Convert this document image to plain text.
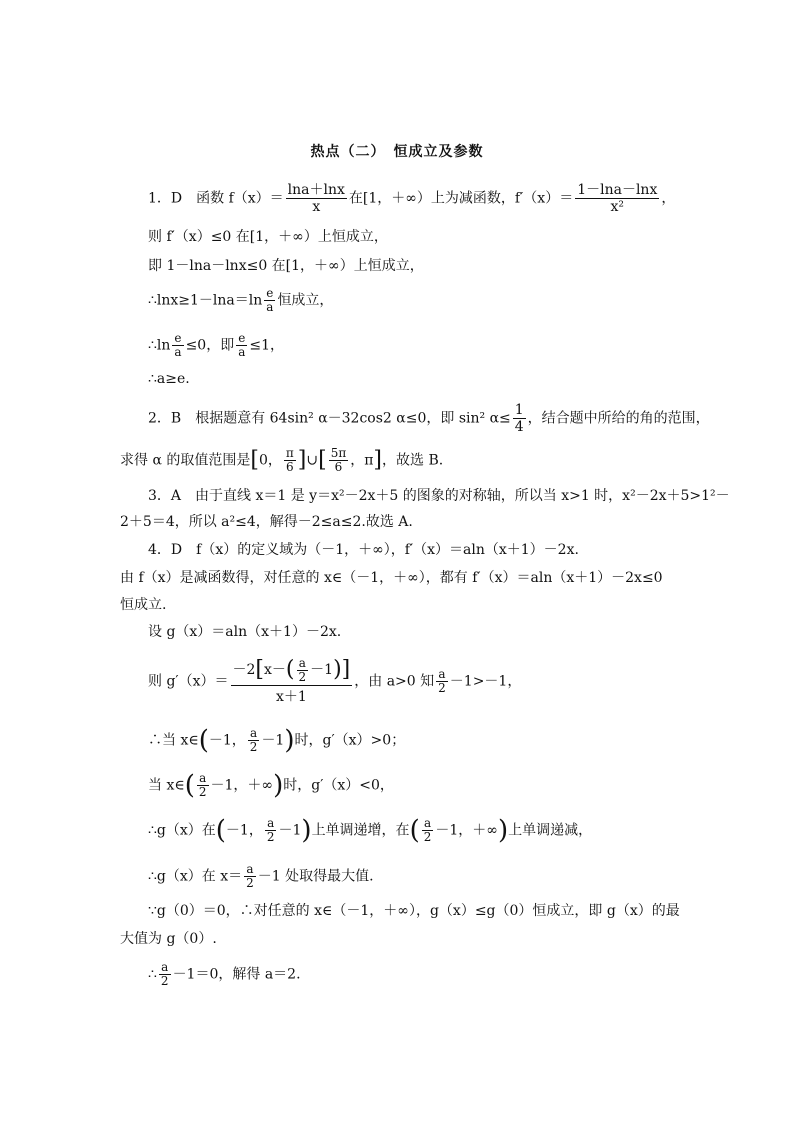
热点（二）　恒成立及参数
1．D　函数 $f(x)= \frac{\ln a+\ln x}{x}$ 在[1，＋∞）上为减函数，$f'(x)= \frac{1-\ln a-\ln x}{\text{x²}}$ ，
则 f′（x）≤0 在[1，＋∞）上恒成立，
即 1－lna－lnx≤0 在[1，＋∞）上恒成立，
∴lnx≥1－lna＝ln $\frac{e}{a}$ 恒成立，
∴ln $\frac{e}{a} \le 0$，即 $\frac{e}{a} \le 1$，
∴a≥e.
2．B　根据题意有 64sin² α－32cos2 α≤0，即 sin² $\alpha\le \frac{1}{4}$ ，结合题中所给的角的范围，
求得 α 的取值范围是[0， $\frac{\pi}{6}$ ]∪[ $\frac{5\pi}{6}$ ，π]，故选 B.
3．A　由于直线 x＝1 是 y＝x²－2x＋5 的图象的对称轴，所以当 x>1 时，x²－2x＋5>1²－
2＋5＝4，所以 a²≤4，解得－2≤a≤2.故选 A.
4．D　f（x）的定义域为（－1，＋∞），f′（x）＝aln（x＋1）－2x.
由 f（x）是减函数得，对任意的 x∈（－1，＋∞），都有 f′（x）＝aln（x＋1）－2x≤0
恒成立.
设 g（x）＝aln（x＋1）－2x.
则 $g'(x)= \frac{-2[x-( \frac{a}{2} -1)]}{x+1}$ ，由 a>0 知 $\frac{a}{2} -1>-1$，
∴当 x∈(－1， $\frac{a}{2} -1$)时，g′（x）>0；
当 x∈( $\frac{a}{2} -1$，＋∞)时，g′（x）<0，
∴g（x）在(－1， $\frac{a}{2} -1$)上单调递增，在( $\frac{a}{2} -1$，＋∞)上单调递减，
∴g（x）在 $x= \frac{a}{2} -1$ 处取得最大值.
∵g（0）＝0，∴对任意的 x∈（－1，＋∞），g（x）≤g（0）恒成立，即 g（x）的最
大值为 g（0）.
∴ $\frac{a}{2} -1=0$，解得 a＝2.
